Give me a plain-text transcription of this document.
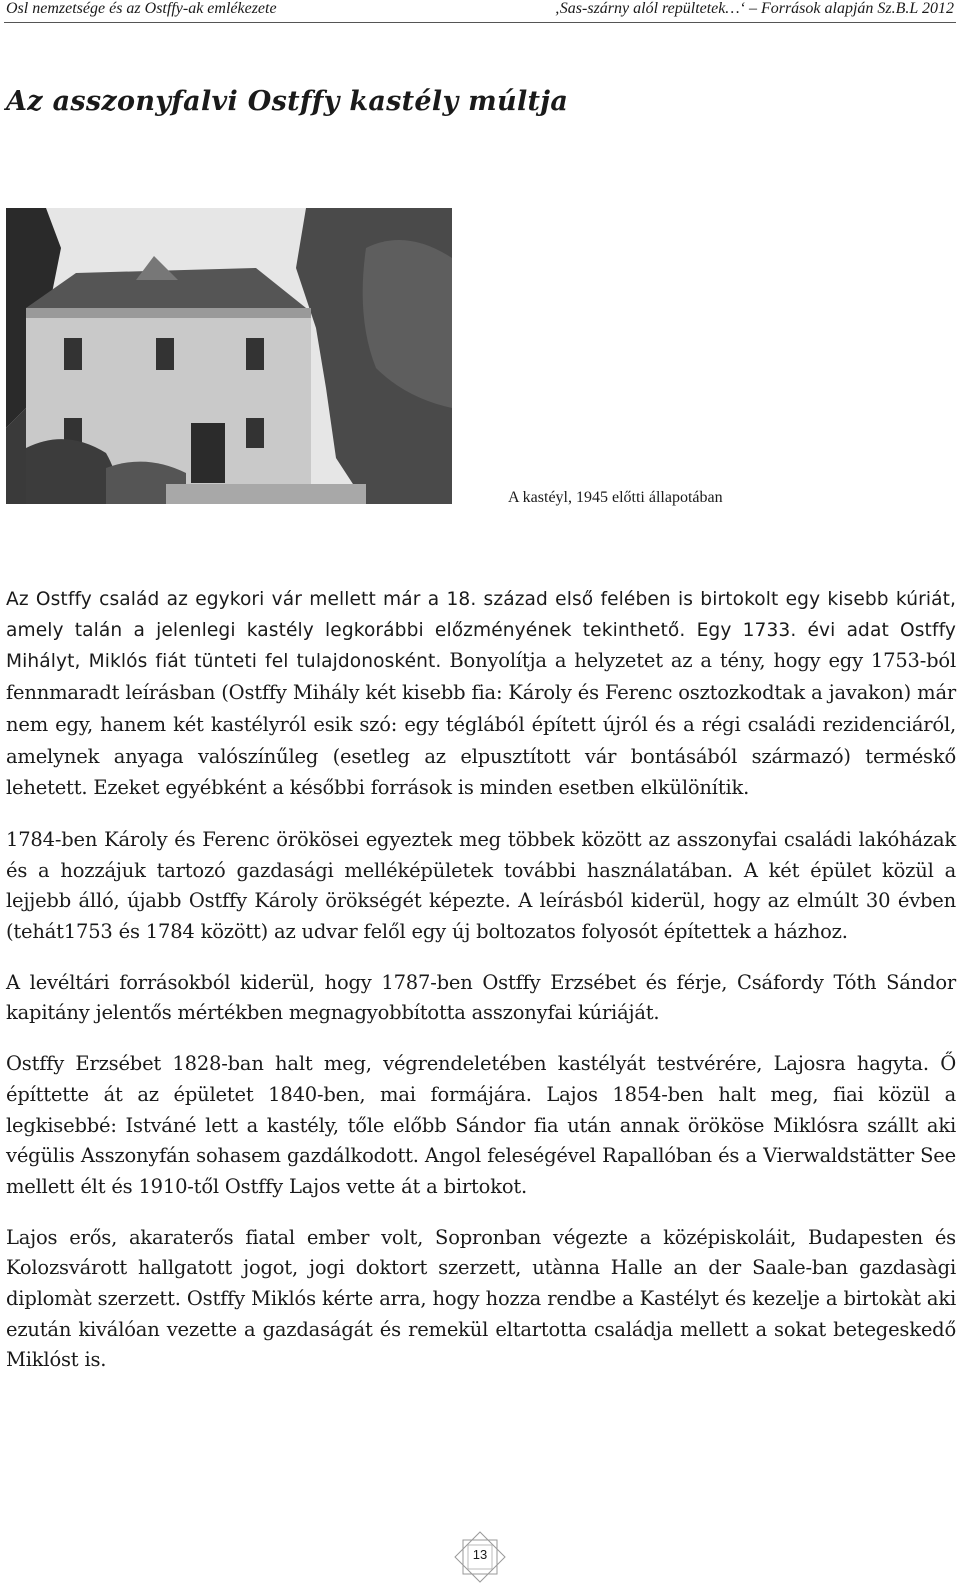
Osl nemzetsége és az Ostffy-ak emlékezete	‚Sas-szárny alól repültetek…‘ – Források alapján Sz.B.L 2012
Az asszonyfalvi Ostffy kastély múltja
A kastéyl, 1945 előtti állapotában

Az Ostffy család az egykori vár mellett már a 18. század első felében is birtokolt egy kisebb kúriát, amely talán a jelenlegi kastély legkorábbi előzményének tekinthető. Egy 1733. évi adat Ostffy Mihályt, Miklós fiát tünteti fel tulajdonosként. Bonyolítja a helyzetet az a tény, hogy egy 1753-ból fennmaradt leírásban (Ostffy Mihály két kisebb fia: Károly és Ferenc osztozkodtak a javakon) már nem egy, hanem két kastélyról esik szó: egy téglából épített újról és a régi családi rezidenciáról, amelynek anyaga valószínűleg (esetleg az elpusztított vár bontásából származó) terméskő lehetett. Ezeket egyébként a későbbi források is minden esetben elkülönítik.

1784-ben Károly és Ferenc örökösei egyeztek meg többek között az asszonyfai családi lakóházak és a hozzájuk tartozó gazdasági melléképületek további használatában. A két épület közül a lejjebb álló, újabb Ostffy Károly örökségét képezte. A leírásból kiderül, hogy az elmúlt 30 évben (tehát1753 és 1784 között) az udvar felől egy új boltozatos folyosót építettek a házhoz.

A levéltári forrásokból kiderül, hogy 1787-ben Ostffy Erzsébet és férje, Csáfordy Tóth Sándor kapitány jelentős mértékben megnagyobbította asszonyfai kúriáját.

Ostffy Erzsébet 1828-ban halt meg, végrendeletében kastélyát testvérére, Lajosra hagyta. Ő építtette át az épületet 1840-ben, mai formájára. Lajos 1854-ben halt meg, fiai közül a legkisebbé: Istváné lett a kastély, tőle előbb Sándor fia után annak örököse Miklósra szállt aki végülis Asszonyfán sohasem gazdálkodott. Angol feleségével Rapallóban és a Vierwaldstätter See mellett élt és 1910-től Ostffy Lajos vette át a birtokot.

Lajos erős, akaraterős fiatal ember volt, Sopronban végezte a középiskoláit, Budapesten és Kolozsvárott hallgatott jogot, jogi doktort szerzett, utànna Halle an der Saale-ban gazdasàgi diplomàt szerzett. Ostffy Miklós kérte arra, hogy hozza rendbe a Kastélyt és kezelje a birtokàt aki ezután kiválóan vezette a gazdaságát és remekül eltartotta családja mellett a sokat betegeskedő Miklóst is.

13
